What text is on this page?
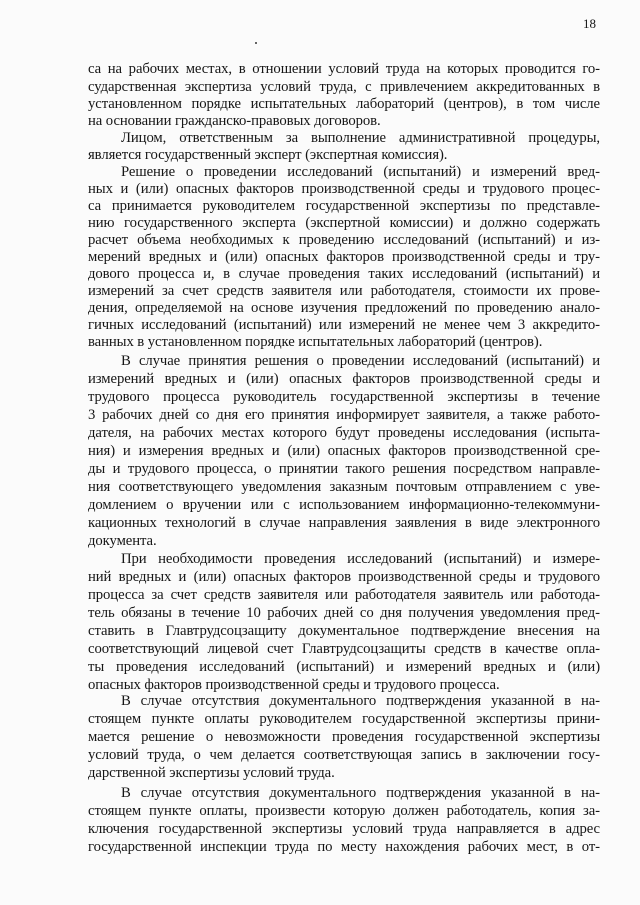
18
са на рабочих местах, в отношении условий труда на которых проводится го-
сударственная экспертиза условий труда, с привлечением аккредитованных в
установленном порядке испытательных лабораторий (центров), в том числе
на основании гражданско-правовых договоров.
Лицом, ответственным за выполнение административной процедуры,
является государственный эксперт (экспертная комиссия).
Решение о проведении исследований (испытаний) и измерений вред-
ных и (или) опасных факторов производственной среды и трудового процес-
са принимается руководителем государственной экспертизы по представле-
нию государственного эксперта (экспертной комиссии) и должно содержать
расчет объема необходимых к проведению исследований (испытаний) и из-
мерений вредных и (или) опасных факторов производственной среды и тру-
дового процесса и, в случае проведения таких исследований (испытаний) и
измерений за счет средств заявителя или работодателя, стоимости их прове-
дения, определяемой на основе изучения предложений по проведению анало-
гичных исследований (испытаний) или измерений не менее чем 3 аккредито-
ванных в установленном порядке испытательных лабораторий (центров).
В случае принятия решения о проведении исследований (испытаний) и
измерений вредных и (или) опасных факторов производственной среды и
трудового процесса руководитель государственной экспертизы в течение
3 рабочих дней со дня его принятия информирует заявителя, а также работо-
дателя, на рабочих местах которого будут проведены исследования (испыта-
ния) и измерения вредных и (или) опасных факторов производственной сре-
ды и трудового процесса, о принятии такого решения посредством направле-
ния соответствующего уведомления заказным почтовым отправлением с уве-
домлением о вручении или с использованием информационно-телекоммуни-
кационных технологий в случае направления заявления в виде электронного
документа.
При необходимости проведения исследований (испытаний) и измере-
ний вредных и (или) опасных факторов производственной среды и трудового
процесса за счет средств заявителя или работодателя заявитель или работода-
тель обязаны в течение 10 рабочих дней со дня получения уведомления пред-
ставить в Главтрудсоцзащиту документальное подтверждение внесения на
соответствующий лицевой счет Главтрудсоцзащиты средств в качестве опла-
ты проведения исследований (испытаний) и измерений вредных и (или)
опасных факторов производственной среды и трудового процесса.
В случае отсутствия документального подтверждения указанной в на-
стоящем пункте оплаты руководителем государственной экспертизы прини-
мается решение о невозможности проведения государственной экспертизы
условий труда, о чем делается соответствующая запись в заключении госу-
дарственной экспертизы условий труда.
В случае отсутствия документального подтверждения указанной в на-
стоящем пункте оплаты, произвести которую должен работодатель, копия за-
ключения государственной экспертизы условий труда направляется в адрес
государственной инспекции труда по месту нахождения рабочих мест, в от-
